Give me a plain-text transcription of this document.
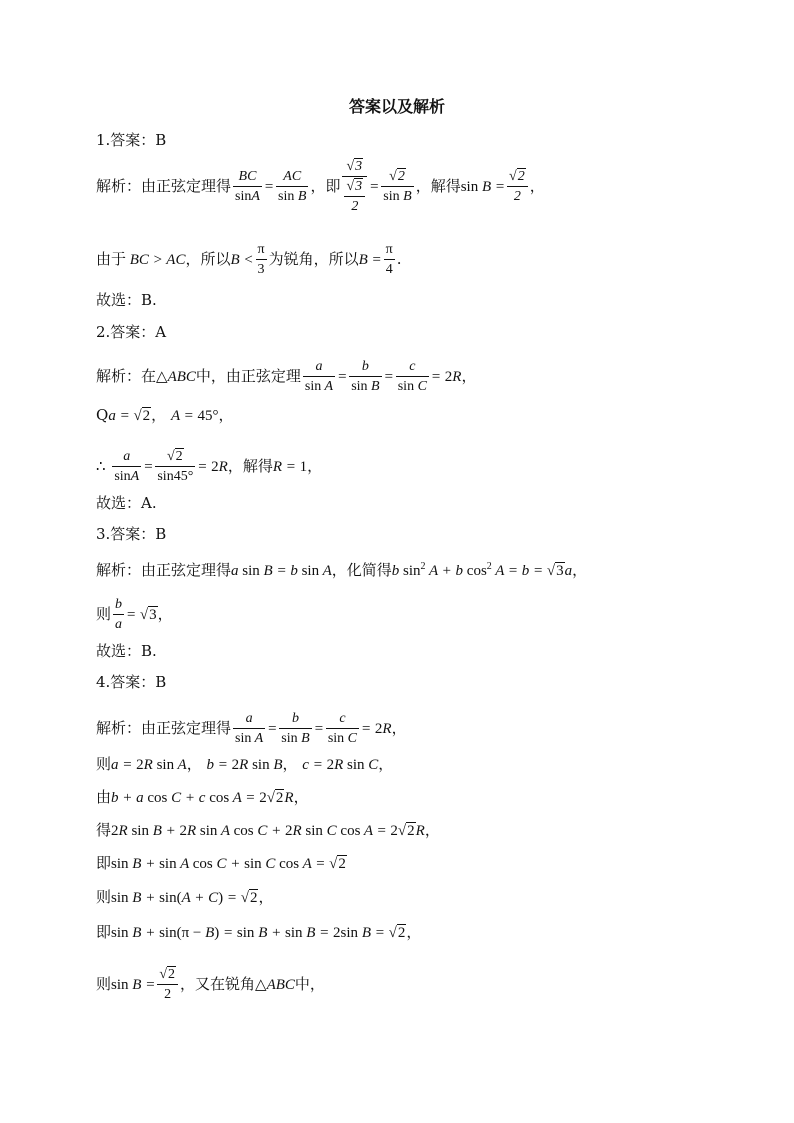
答案以及解析
1.答案：B
解析：由正弦定理得 $\frac{BC}{\sin A} = \frac{AC}{\text{sin B}}$ ，即 $\frac{√3}{\frac{√3}{2}} = \frac{√2}{\text{sin B}}$ ，解得$\sin B = \frac{√2}{2}$ ，
由于 BC > AC，所以$B < \frac{\pi}{3}$ 为锐角，所以$B = \frac{\pi}{4}$ .
故选：B.
2.答案：A
解析：在△ABC中，由正弦定理 $\frac{a}{\text{sin A}} = \frac{b}{\text{sin B}} = \frac{c}{\text{sin C}} = 2R$，
Qa = √2， A = 45°，
∴ $\frac{a}{\sin A} = \frac{√2}{\sin 45^\circ} = 2R$，解得R = 1，
故选：A.
3.答案：B
解析：由正弦定理得a sin B = b sin A，化简得b $\sin^2 A + b$ $\cos^2 A = b = √3a$，
则 $\frac{b}{a} = √3$，
故选：B.
4.答案：B
解析：由正弦定理得 $\frac{a}{\text{sin A}} = \frac{b}{\text{sin B}} = \frac{c}{\text{sin C}} = 2R$，
则a = 2R sin A， b = 2R sin B， c = 2R sin C，
由b + a cos C + c cos A = 2√2R，
得2R sin B + 2R sin A cos C + 2R sin C cos A = 2√2R，
即sin B + sin A cos C + sin C cos A = √2
则sin B + sin(A + C) = √2，
即sin B + sin(π − B) = sin B + sin B = 2sin B = √2，
则$\sin B = \frac{√2}{2}$ ，又在锐角△ABC中，
